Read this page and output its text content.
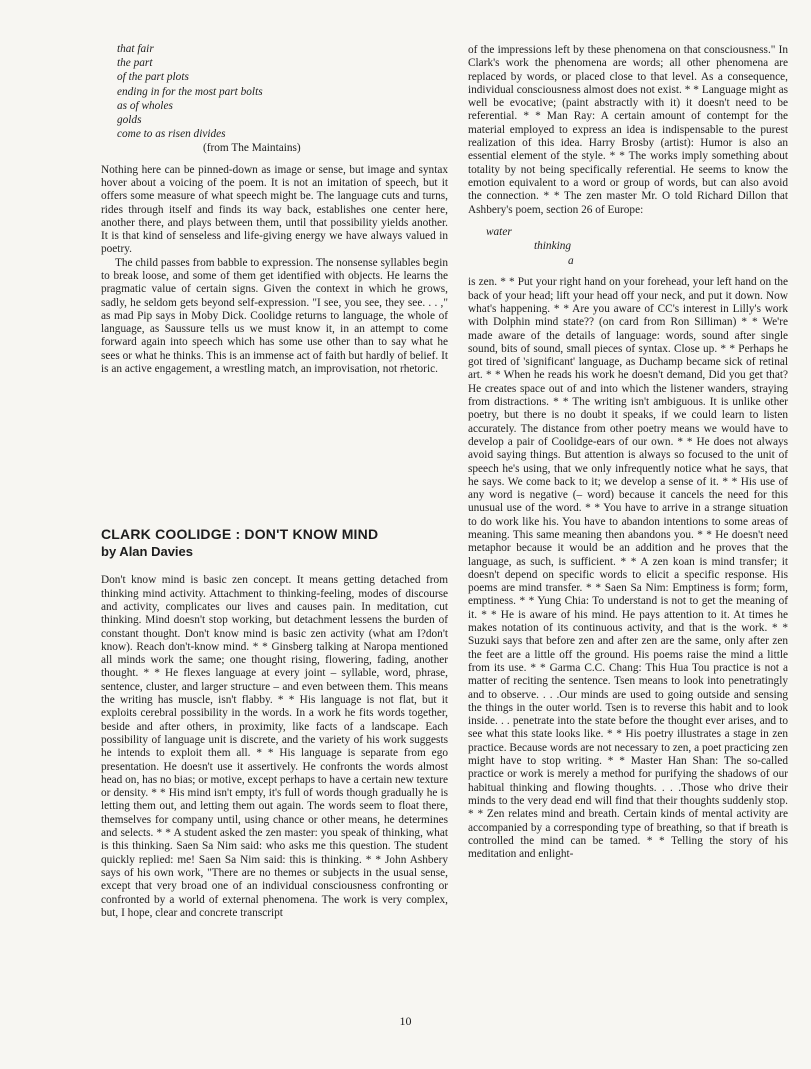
that fair
the part
of the part plots
ending in for the most part bolts
as of wholes
golds
come to as risen divides
(from The Maintains)

Nothing here can be pinned-down as image or sense, but image and syntax hover about a voicing of the poem. It is not an imitation of speech, but it offers some measure of what speech might be. The language cuts and turns, rides through itself and finds its way back, establishes one center here, another there, and plays between them, until that possibility yields another. It is that kind of senseless and life-giving energy we have always valued in poetry.

The child passes from babble to expression. The nonsense syllables begin to break loose, and some of them get identified with objects. He learns the pragmatic value of certain signs. Given the context in which he grows, sadly, he seldom gets beyond self-expression. "I see, you see, they see. . . ," as mad Pip says in Moby Dick. Coolidge returns to language, the whole of language, as Saussure tells us we must know it, in an attempt to come forward again into speech which has some use other than to say what he sees or what he thinks. This is an immense act of faith but hardly of belief. It is an active engagement, a wrestling match, an improvisation, not rhetoric.

CLARK COOLIDGE : DON'T KNOW MIND
by Alan Davies

Don't know mind is basic zen concept. It means getting detached from thinking mind activity. Attachment to thinking-feeling, modes of discourse and activity, complicates our lives and causes pain. In meditation, cut thinking. Mind doesn't stop working, but detachment lessens the burden of constant thought. Don't know mind is basic zen activity (what am I?don't know). Reach don't-know mind. * * Ginsberg talking at Naropa mentioned all minds work the same; one thought rising, flowering, fading, another thought. * * He flexes language at every joint – syllable, word, phrase, sentence, cluster, and larger structure – and even between them. This means the writing has muscle, isn't flabby. * * His language is not flat, but it exploits cerebral possibility in the words. In a work he fits words together, beside and after others, in proximity, like facts of a landscape. Each possibility of language unit is discrete, and the variety of his work suggests he intends to exploit them all. * * His language is separate from ego presentation. He doesn't use it assertively. He confronts the words almost head on, has no bias; or motive, except perhaps to have a certain new texture or density. * * His mind isn't empty, it's full of words though gradually he is letting them out, and letting them out again. The words seem to float there, themselves for company until, using chance or other means, he determines and selects. * * A student asked the zen master: you speak of thinking, what is this thinking. Saen Sa Nim said: who asks me this question. The student quickly replied: me! Saen Sa Nim said: this is thinking. * * John Ashbery says of his own work, "There are no themes or subjects in the usual sense, except that very broad one of an individual consciousness confronting or confronted by a world of external phenomena. The work is very complex, but, I hope, clear and concrete transcript

of the impressions left by these phenomena on that consciousness." In Clark's work the phenomena are words; all other phenomena are replaced by words, or placed close to that level. As a consequence, individual consciousness almost does not exist. * * Language might as well be evocative; (paint abstractly with it) it doesn't need to be referential. * * Man Ray: A certain amount of contempt for the material employed to express an idea is indispensable to the purest realization of this idea. Harry Brosby (artist): Humor is also an essential element of the style. * * The works imply something about totality by not being specifically referential. He seems to know the emotion equivalent to a word or group of words, but can also avoid the connection. * * The zen master Mr. O told Richard Dillon that Ashbery's poem, section 26 of Europe:

water
thinking
a

is zen. * * Put your right hand on your forehead, your left hand on the back of your head; lift your head off your neck, and put it down. Now what's happening. * * Are you aware of CC's interest in Lilly's work with Dolphin mind state?? (on card from Ron Silliman) * * We're made aware of the details of language: words, sound after single sound, bits of sound, small pieces of syntax. Close up. * * Perhaps he got tired of 'significant' language, as Duchamp became sick of retinal art. * * When he reads his work he doesn't demand, Did you get that? He creates space out of and into which the listener wanders, straying from distractions. * * The writing isn't ambiguous. It is unlike other poetry, but there is no doubt it speaks, if we could learn to listen accurately. The distance from other poetry means we would have to develop a pair of Coolidge-ears of our own. * * He does not always avoid saying things. But attention is always so focused to the unit of speech he's using, that we only infrequently notice what he says, that he says. We come back to it; we develop a sense of it. * * His use of any word is negative (– word) because it cancels the need for this unusual use of the word. * * You have to arrive in a strange situation to do work like his. You have to abandon intentions to some areas of meaning. This same meaning then abandons you. * * He doesn't need metaphor because it would be an addition and he proves that the language, as such, is sufficient. * * A zen koan is mind transfer; it doesn't depend on specific words to elicit a specific response. His poems are mind transfer. * * Saen Sa Nim: Emptiness is form; form, emptiness. * * Yung Chia: To understand is not to get the meaning of it. * * He is aware of his mind. He pays attention to it. At times he makes notation of its continuous activity, and that is the work. * * Suzuki says that before zen and after zen are the same, only after zen the feet are a little off the ground. His poems raise the mind a little from its use. * * Garma C.C. Chang: This Hua Tou practice is not a matter of reciting the sentence. Tsen means to look into penetratingly and to observe. . . .Our minds are used to going outside and sensing the things in the outer world. Tsen is to reverse this habit and to look inside. . . penetrate into the state before the thought ever arises, and to see what this state looks like. * * His poetry illustrates a stage in zen practice. Because words are not necessary to zen, a poet practicing zen might have to stop writing. * * Master Han Shan: The so-called practice or work is merely a method for purifying the shadows of our habitual thinking and flowing thoughts. . . .Those who drive their minds to the very dead end will find that their thoughts suddenly stop. * * Zen relates mind and breath. Certain kinds of mental activity are accompanied by a corresponding type of breathing, so that if breath is controlled the mind can be tamed. * * Telling the story of his meditation and enlight-

10
